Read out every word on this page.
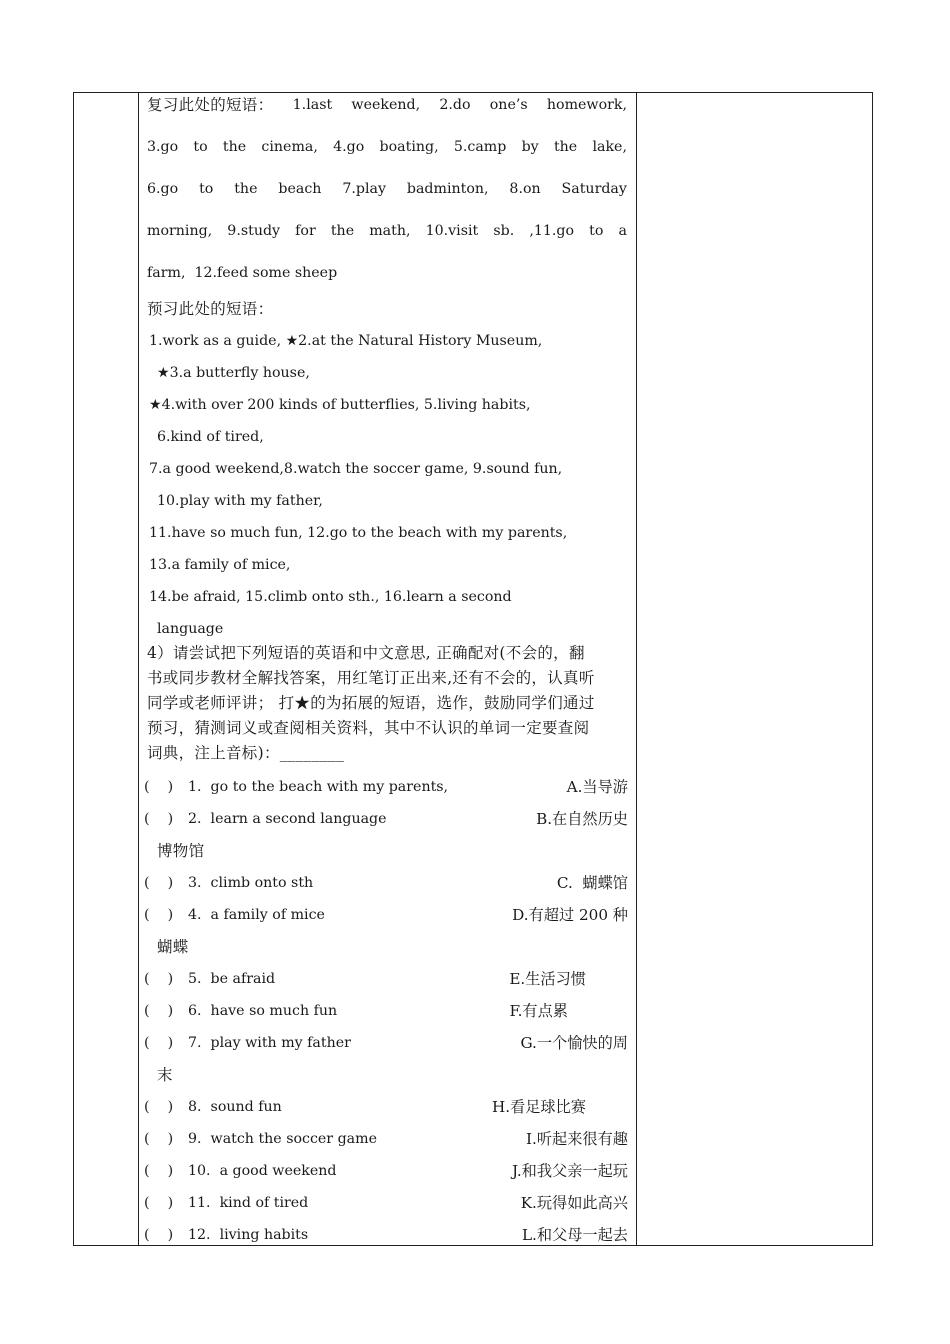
复习此处的短语： 1.last weekend, 2.do one’s homework,
3.go to the cinema, 4.go boating, 5.camp by the lake,
6.go to the beach 7.play badminton, 8.on Saturday
morning, 9.study for the math, 10.visit sb. ,11.go to a
farm,  12.feed some sheep
预习此处的短语：
1.work as a guide, ★2.at the Natural History Museum,
★3.a butterfly house,
★4.with over 200 kinds of butterflies, 5.living habits,
6.kind of tired,
7.a good weekend,8.watch the soccer game, 9.sound fun,
10.play with my father,
11.have so much fun, 12.go to the beach with my parents,
13.a family of mice,
14.be afraid, 15.climb onto sth., 16.learn a second
language
4）请尝试把下列短语的英语和中文意思, 正确配对(不会的，翻
书或同步教材全解找答案，用红笔订正出来,还有不会的，认真听
同学或老师评讲； 打★的为拓展的短语，选作，鼓励同学们通过
预习，猜测词义或查阅相关资料，其中不认识的单词一定要查阅
词典，注上音标)：________
(    ) 1.  go to the beach with my parents,	A.当导游
(    ) 2.  learn a second language	B.在自然历史
博物馆
(    ) 3.  climb onto sth	C.  蝴蝶馆
(    ) 4.  a family of mice	D.有超过 200 种
蝴蝶
(    ) 5.  be afraid	E.生活习惯
(    ) 6.  have so much fun	F.有点累
(    ) 7.  play with my father	G.一个愉快的周
末
(    ) 8.  sound fun	H.看足球比赛
(    ) 9.  watch the soccer game	I.听起来很有趣
(    ) 10.  a good weekend	J.和我父亲一起玩
(    ) 11.  kind of tired	K.玩得如此高兴
(    ) 12.  living habits	L.和父母一起去
